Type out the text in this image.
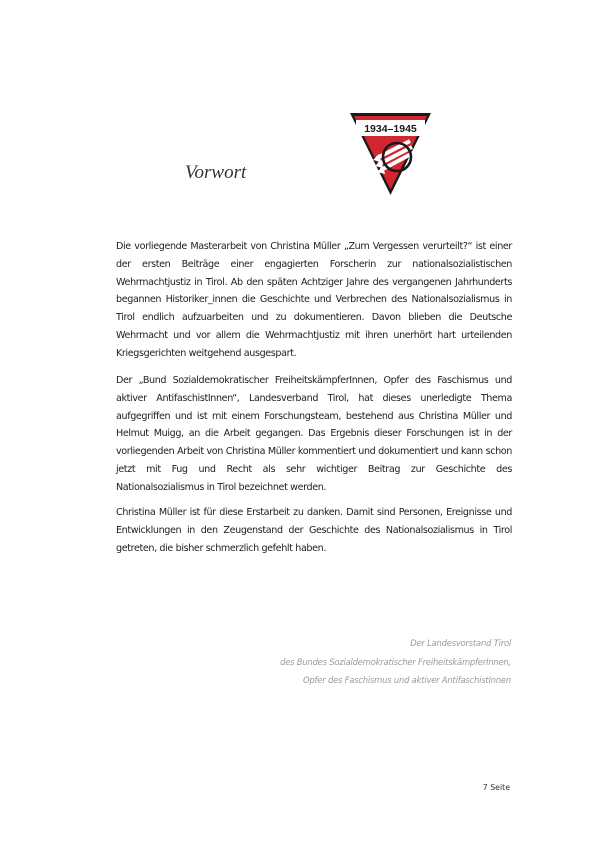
1934–1945
Vorwort

Die vorliegende Masterarbeit von Christina Müller „Zum Vergessen verurteilt?“ ist einer der ersten Beiträge einer engagierten Forscherin zur nationalsozialistischen Wehrmachtjustiz in Tirol. Ab den späten Achtziger Jahre des vergangenen Jahrhunderts begannen Historiker_innen die Geschichte und Verbrechen des Nationalsozialismus in Tirol endlich aufzuarbeiten und zu dokumentieren. Davon blieben die Deutsche Wehrmacht und vor allem die Wehrmachtjustiz mit ihren unerhört hart urteilenden Kriegsgerichten weitgehend ausgespart.

Der „Bund Sozialdemokratischer FreiheitskämpferInnen, Opfer des Faschismus und aktiver AntifaschistInnen“, Landesverband Tirol, hat dieses unerledigte Thema aufgegriffen und ist mit einem Forschungsteam, bestehend aus Christina Müller und Helmut Muigg, an die Arbeit gegangen. Das Ergebnis dieser Forschungen ist in der vorliegenden Arbeit von Christina Müller kommentiert und dokumentiert und kann schon jetzt mit Fug und Recht als sehr wichtiger Beitrag zur Geschichte des Nationalsozialismus in Tirol bezeichnet werden.

Christina Müller ist für diese Erstarbeit zu danken. Damit sind Personen, Ereignisse und Entwicklungen in den Zeugenstand der Geschichte des Nationalsozialismus in Tirol getreten, die bisher schmerzlich gefehlt haben.

Der Landesvorstand Tirol
des Bundes Sozialdemokratischer FreiheitskämpferInnen,
Opfer des Faschismus und aktiver AntifaschistInnen
7 Seite
